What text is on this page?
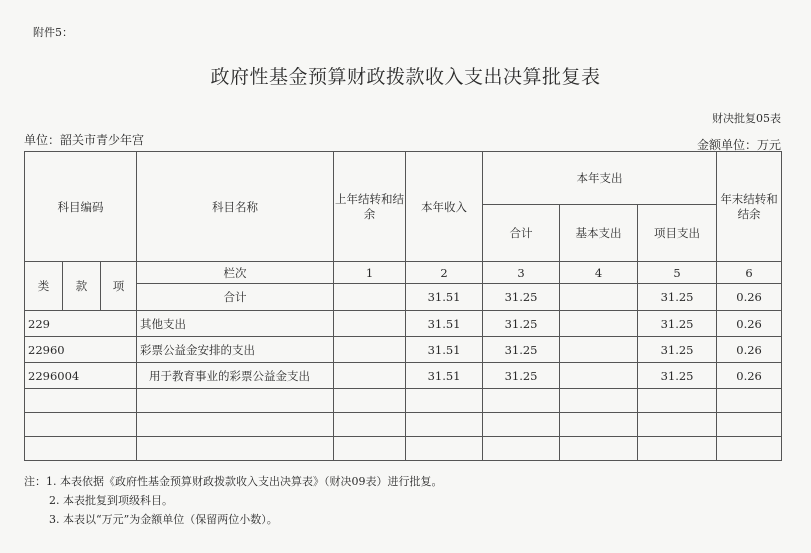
附件5：
政府性基金预算财政拨款收入支出决算批复表
财决批复05表
单位：韶关市青少年宫	金额单位：万元
科目编码			科目名称	上年结转和结余	本年收入	本年支出			年末结转和结余
						合计	基本支出	项目支出	
类	款	项	栏次	1	2	3	4	5	6
			合计		31.51	31.25		31.25	0.26
229			其他支出		31.51	31.25		31.25	0.26
22960			彩票公益金安排的支出		31.51	31.25		31.25	0.26
2296004			用于教育事业的彩票公益金支出		31.51	31.25		31.25	0.26

注：1. 本表依据《政府性基金预算财政拨款收入支出决算表》（财决09表）进行批复。
2. 本表批复到项级科目。
3. 本表以“万元”为金额单位（保留两位小数）。
